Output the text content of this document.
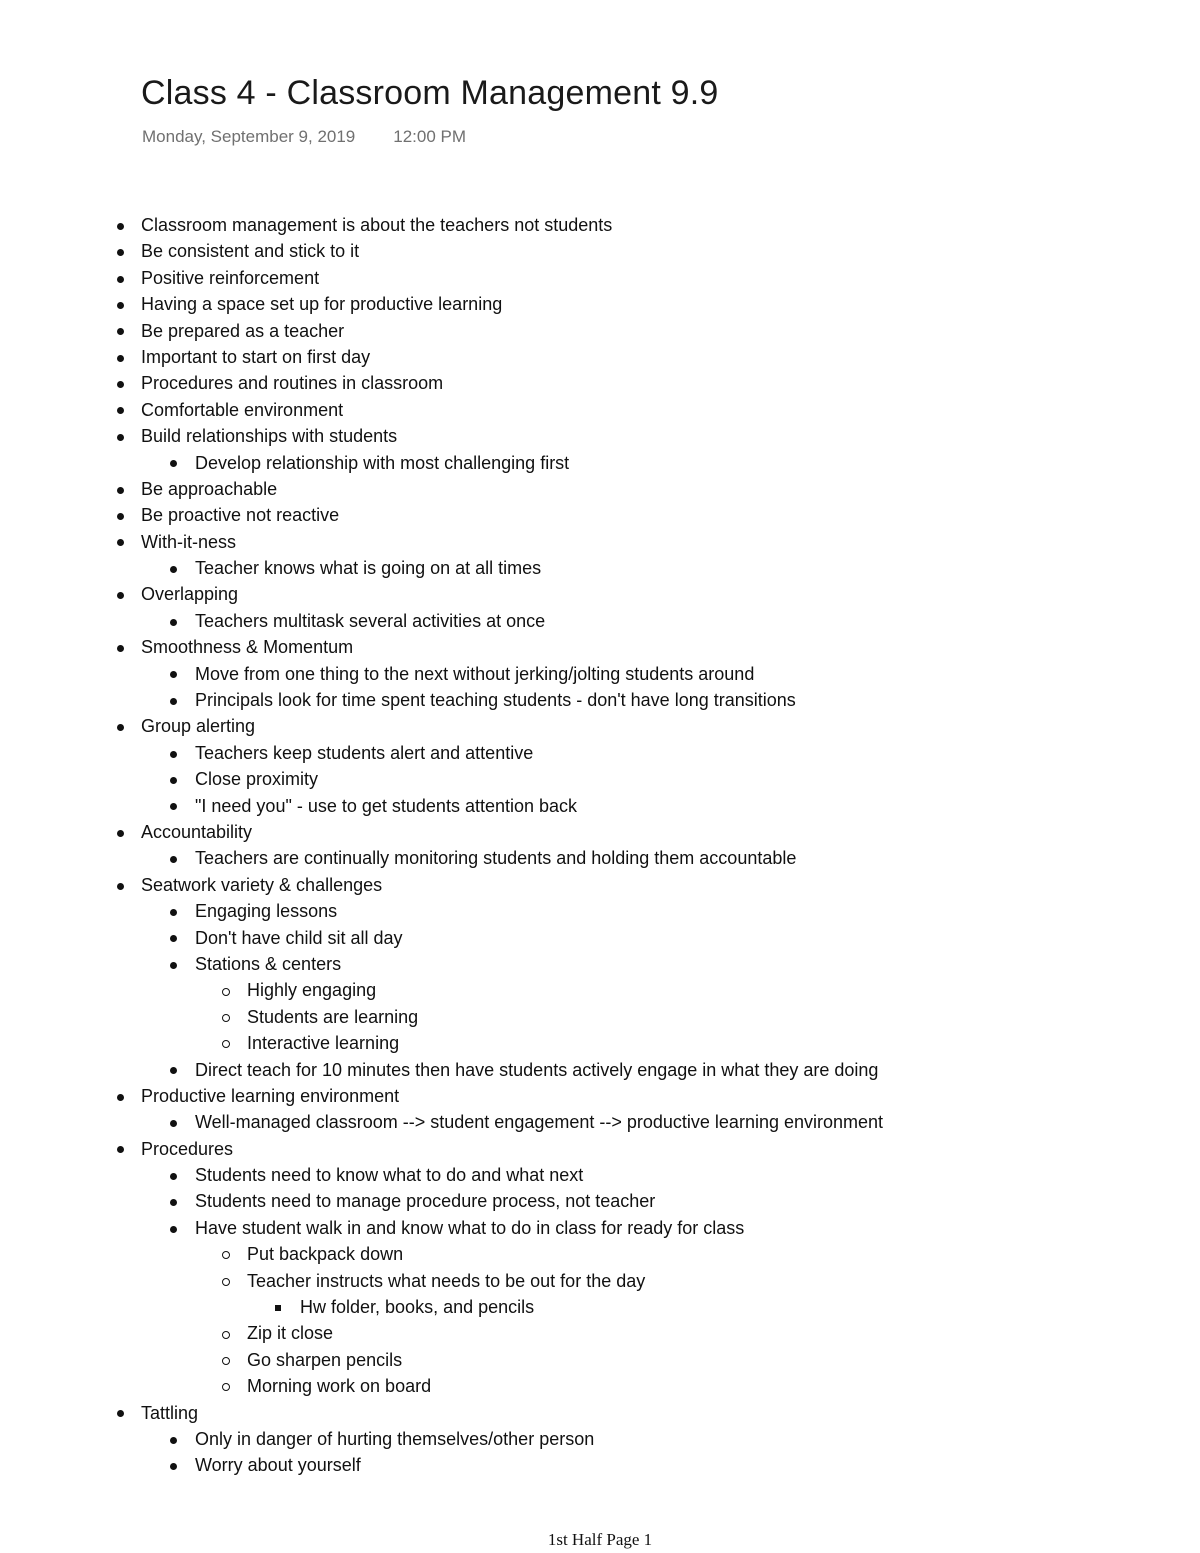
Class 4 - Classroom Management 9.9
Monday, September 9, 2019 12:00 PM
Classroom management is about the teachers not students
Be consistent and stick to it
Positive reinforcement
Having a space set up for productive learning
Be prepared as a teacher
Important to start on first day
Procedures and routines in classroom
Comfortable environment
Build relationships with students
Develop relationship with most challenging first
Be approachable
Be proactive not reactive
With-it-ness
Teacher knows what is going on at all times
Overlapping
Teachers multitask several activities at once
Smoothness & Momentum
Move from one thing to the next without jerking/jolting students around
Principals look for time spent teaching students - don't have long transitions
Group alerting
Teachers keep students alert and attentive
Close proximity
"I need you" - use to get students attention back
Accountability
Teachers are continually monitoring students and holding them accountable
Seatwork variety & challenges
Engaging lessons
Don't have child sit all day
Stations & centers
Highly engaging
Students are learning
Interactive learning
Direct teach for 10 minutes then have students actively engage in what they are doing
Productive learning environment
Well-managed classroom --> student engagement --> productive learning environment
Procedures
Students need to know what to do and what next
Students need to manage procedure process, not teacher
Have student walk in and know what to do in class for ready for class
Put backpack down
Teacher instructs what needs to be out for the day
Hw folder, books, and pencils
Zip it close
Go sharpen pencils
Morning work on board
Tattling
Only in danger of hurting themselves/other person
Worry about yourself
1st Half Page 1
